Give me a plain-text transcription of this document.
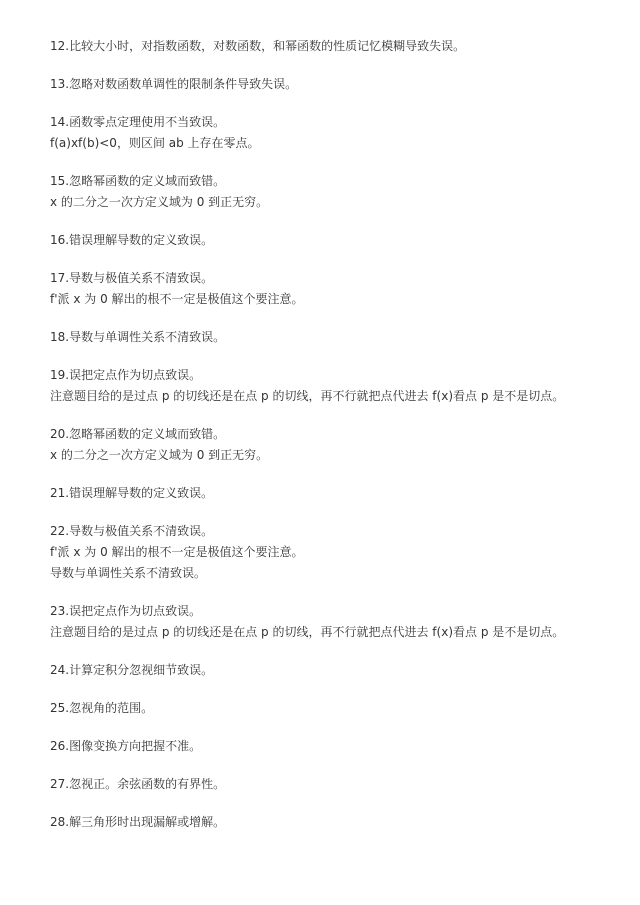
12.比较大小时，对指数函数，对数函数，和幂函数的性质记忆模糊导致失误。
13.忽略对数函数单调性的限制条件导致失误。
14.函数零点定理使用不当致误。
f(a)xf(b)<0，则区间 ab 上存在零点。
15.忽略幂函数的定义域而致错。
x 的二分之一次方定义域为 0 到正无穷。
16.错误理解导数的定义致误。
17.导数与极值关系不清致误。
f'派 x 为 0 解出的根不一定是极值这个要注意。
18.导数与单调性关系不清致误。
19.误把定点作为切点致误。
注意题目给的是过点 p 的切线还是在点 p 的切线，再不行就把点代进去 f(x)看点 p 是不是切点。
20.忽略幂函数的定义域而致错。
x 的二分之一次方定义域为 0 到正无穷。
21.错误理解导数的定义致误。
22.导数与极值关系不清致误。
f'派 x 为 0 解出的根不一定是极值这个要注意。
导数与单调性关系不清致误。
23.误把定点作为切点致误。
注意题目给的是过点 p 的切线还是在点 p 的切线，再不行就把点代进去 f(x)看点 p 是不是切点。
24.计算定积分忽视细节致误。
25.忽视角的范围。
26.图像变换方向把握不准。
27.忽视正。余弦函数的有界性。
28.解三角形时出现漏解或增解。
